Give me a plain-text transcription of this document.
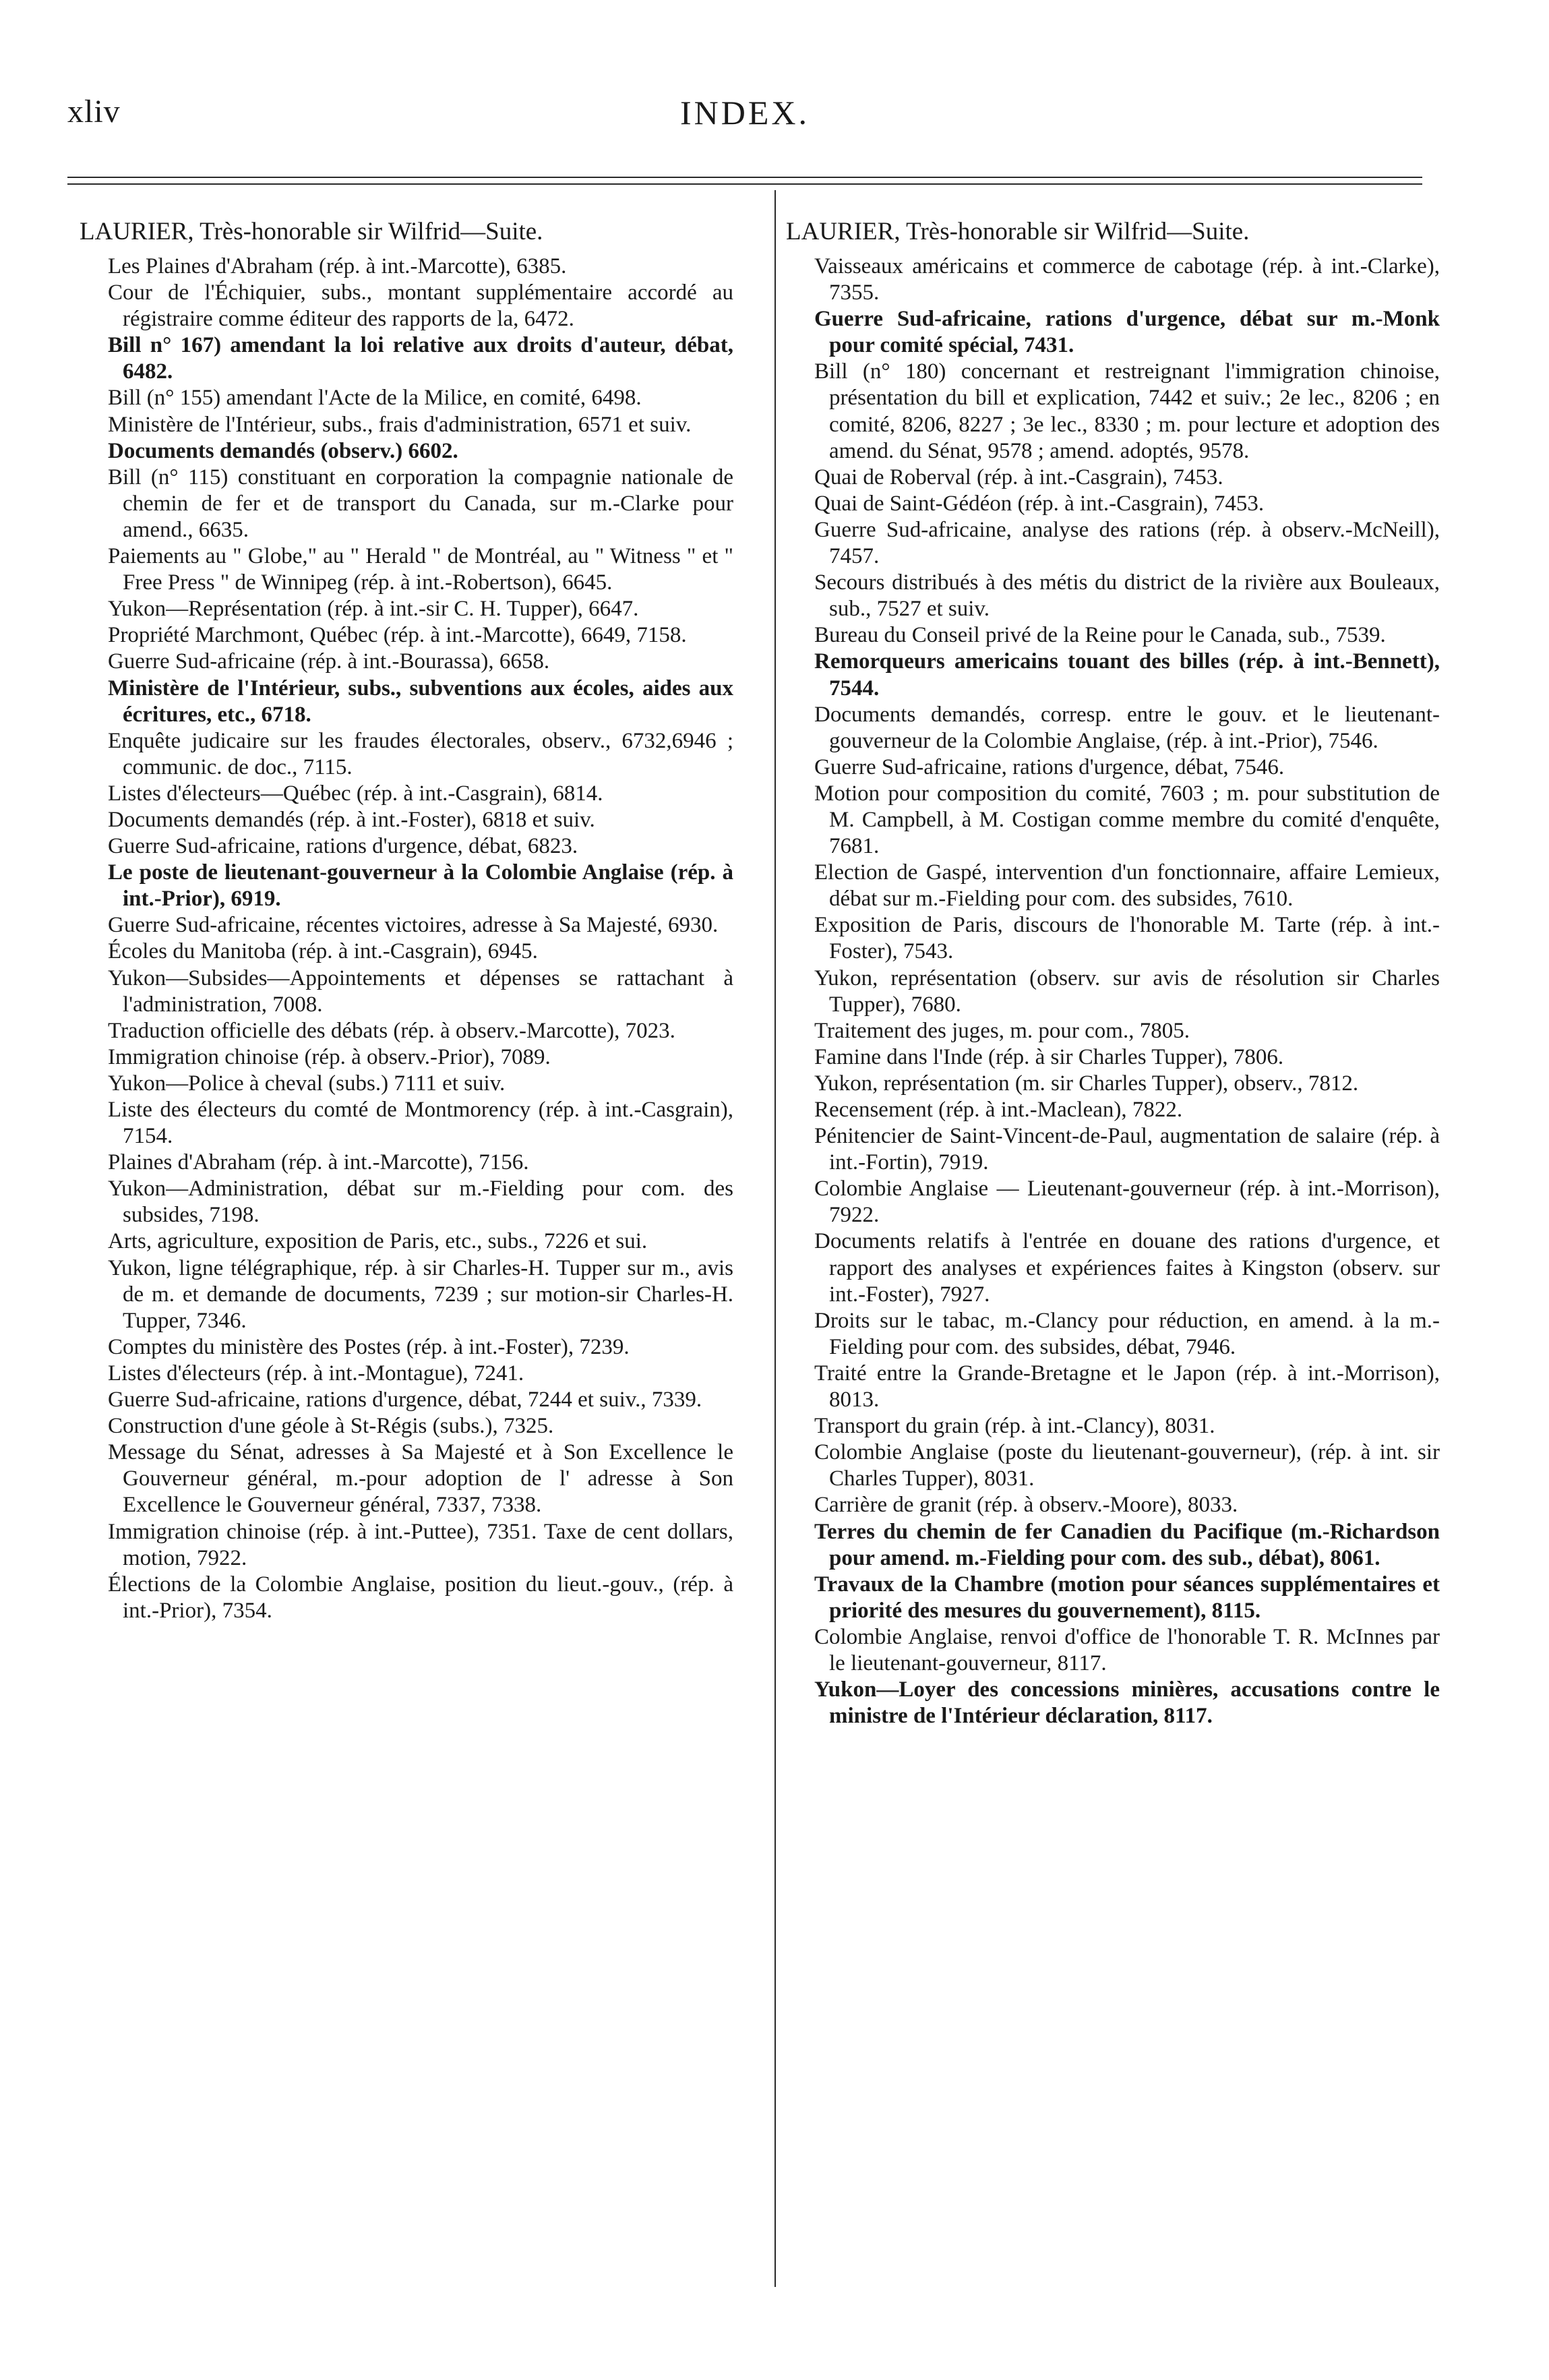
xliv	INDEX.
LAURIER, Très-honorable sir Wilfrid—Suite.

Les Plaines d'Abraham (rép. à int.-Marcotte), 6385.

Cour de l'Échiquier, subs., montant supplémentaire accordé au régistraire comme éditeur des rapports de la, 6472.

Bill n° 167) amendant la loi relative aux droits d'auteur, débat, 6482.

Bill (n° 155) amendant l'Acte de la Milice, en comité, 6498.

Ministère de l'Intérieur, subs., frais d'administration, 6571 et suiv.

Documents demandés (observ.) 6602.

Bill (n° 115) constituant en corporation la compagnie nationale de chemin de fer et de transport du Canada, sur m.-Clarke pour amend., 6635.

Paiements au " Globe," au " Herald " de Montréal, au " Witness " et " Free Press " de Winnipeg (rép. à int.-Robertson), 6645.

Yukon—Représentation (rép. à int.-sir C. H. Tupper), 6647.

Propriété Marchmont, Québec (rép. à int.-Marcotte), 6649, 7158.

Guerre Sud-africaine (rép. à int.-Bourassa), 6658.

Ministère de l'Intérieur, subs., subventions aux écoles, aides aux écritures, etc., 6718.

Enquête judicaire sur les fraudes électorales, observ., 6732,6946 ; communic. de doc., 7115.

Listes d'électeurs—Québec (rép. à int.-Casgrain), 6814.

Documents demandés (rép. à int.-Foster), 6818 et suiv.

Guerre Sud-africaine, rations d'urgence, débat, 6823.

Le poste de lieutenant-gouverneur à la Colombie Anglaise (rép. à int.-Prior), 6919.

Guerre Sud-africaine, récentes victoires, adresse à Sa Majesté, 6930.

Écoles du Manitoba (rép. à int.-Casgrain), 6945.

Yukon—Subsides—Appointements et dépenses se rattachant à l'administration, 7008.

Traduction officielle des débats (rép. à observ.-Marcotte), 7023.

Immigration chinoise (rép. à observ.-Prior), 7089.

Yukon—Police à cheval (subs.) 7111 et suiv.

Liste des électeurs du comté de Montmorency (rép. à int.-Casgrain), 7154.

Plaines d'Abraham (rép. à int.-Marcotte), 7156.

Yukon—Administration, débat sur m.-Fielding pour com. des subsides, 7198.

Arts, agriculture, exposition de Paris, etc., subs., 7226 et sui.

Yukon, ligne télégraphique, rép. à sir Charles-H. Tupper sur m., avis de m. et demande de documents, 7239 ; sur motion-sir Charles-H. Tupper, 7346.

Comptes du ministère des Postes (rép. à int.-Foster), 7239.

Listes d'électeurs (rép. à int.-Montague), 7241.

Guerre Sud-africaine, rations d'urgence, débat, 7244 et suiv., 7339.

Construction d'une géole à St-Régis (subs.), 7325.

Message du Sénat, adresses à Sa Majesté et à Son Excellence le Gouverneur général, m.-pour adoption de l' adresse à Son Excellence le Gouverneur général, 7337, 7338.

Immigration chinoise (rép. à int.-Puttee), 7351. Taxe de cent dollars, motion, 7922.

Élections de la Colombie Anglaise, position du lieut.-gouv., (rép. à int.-Prior), 7354.

LAURIER, Très-honorable sir Wilfrid—Suite.

Vaisseaux américains et commerce de cabotage (rép. à int.-Clarke), 7355.

Guerre Sud-africaine, rations d'urgence, débat sur m.-Monk pour comité spécial, 7431.

Bill (n° 180) concernant et restreignant l'immigration chinoise, présentation du bill et explication, 7442 et suiv.; 2e lec., 8206 ; en comité, 8206, 8227 ; 3e lec., 8330 ; m. pour lecture et adoption des amend. du Sénat, 9578 ; amend. adoptés, 9578.

Quai de Roberval (rép. à int.-Casgrain), 7453.

Quai de Saint-Gédéon (rép. à int.-Casgrain), 7453.

Guerre Sud-africaine, analyse des rations (rép. à observ.-McNeill), 7457.

Secours distribués à des métis du district de la rivière aux Bouleaux, sub., 7527 et suiv.

Bureau du Conseil privé de la Reine pour le Canada, sub., 7539.

Remorqueurs americains touant des billes (rép. à int.-Bennett), 7544.

Documents demandés, corresp. entre le gouv. et le lieutenant-gouverneur de la Colombie Anglaise, (rép. à int.-Prior), 7546.

Guerre Sud-africaine, rations d'urgence, débat, 7546.

Motion pour composition du comité, 7603 ; m. pour substitution de M. Campbell, à M. Costigan comme membre du comité d'enquête, 7681.

Election de Gaspé, intervention d'un fonctionnaire, affaire Lemieux, débat sur m.-Fielding pour com. des subsides, 7610.

Exposition de Paris, discours de l'honorable M. Tarte (rép. à int.-Foster), 7543.

Yukon, représentation (observ. sur avis de résolution sir Charles Tupper), 7680.

Traitement des juges, m. pour com., 7805.

Famine dans l'Inde (rép. à sir Charles Tupper), 7806.

Yukon, représentation (m. sir Charles Tupper), observ., 7812.

Recensement (rép. à int.-Maclean), 7822.

Pénitencier de Saint-Vincent-de-Paul, augmentation de salaire (rép. à int.-Fortin), 7919.

Colombie Anglaise — Lieutenant-gouverneur (rép. à int.-Morrison), 7922.

Documents relatifs à l'entrée en douane des rations d'urgence, et rapport des analyses et expériences faites à Kingston (observ. sur int.-Foster), 7927.

Droits sur le tabac, m.-Clancy pour réduction, en amend. à la m.-Fielding pour com. des subsides, débat, 7946.

Traité entre la Grande-Bretagne et le Japon (rép. à int.-Morrison), 8013.

Transport du grain (rép. à int.-Clancy), 8031.

Colombie Anglaise (poste du lieutenant-gouverneur), (rép. à int. sir Charles Tupper), 8031.

Carrière de granit (rép. à observ.-Moore), 8033.

Terres du chemin de fer Canadien du Pacifique (m.-Richardson pour amend. m.-Fielding pour com. des sub., débat), 8061.

Travaux de la Chambre (motion pour séances supplémentaires et priorité des mesures du gouvernement), 8115.

Colombie Anglaise, renvoi d'office de l'honorable T. R. McInnes par le lieutenant-gouverneur, 8117.

Yukon—Loyer des concessions minières, accusations contre le ministre de l'Intérieur déclaration, 8117.
